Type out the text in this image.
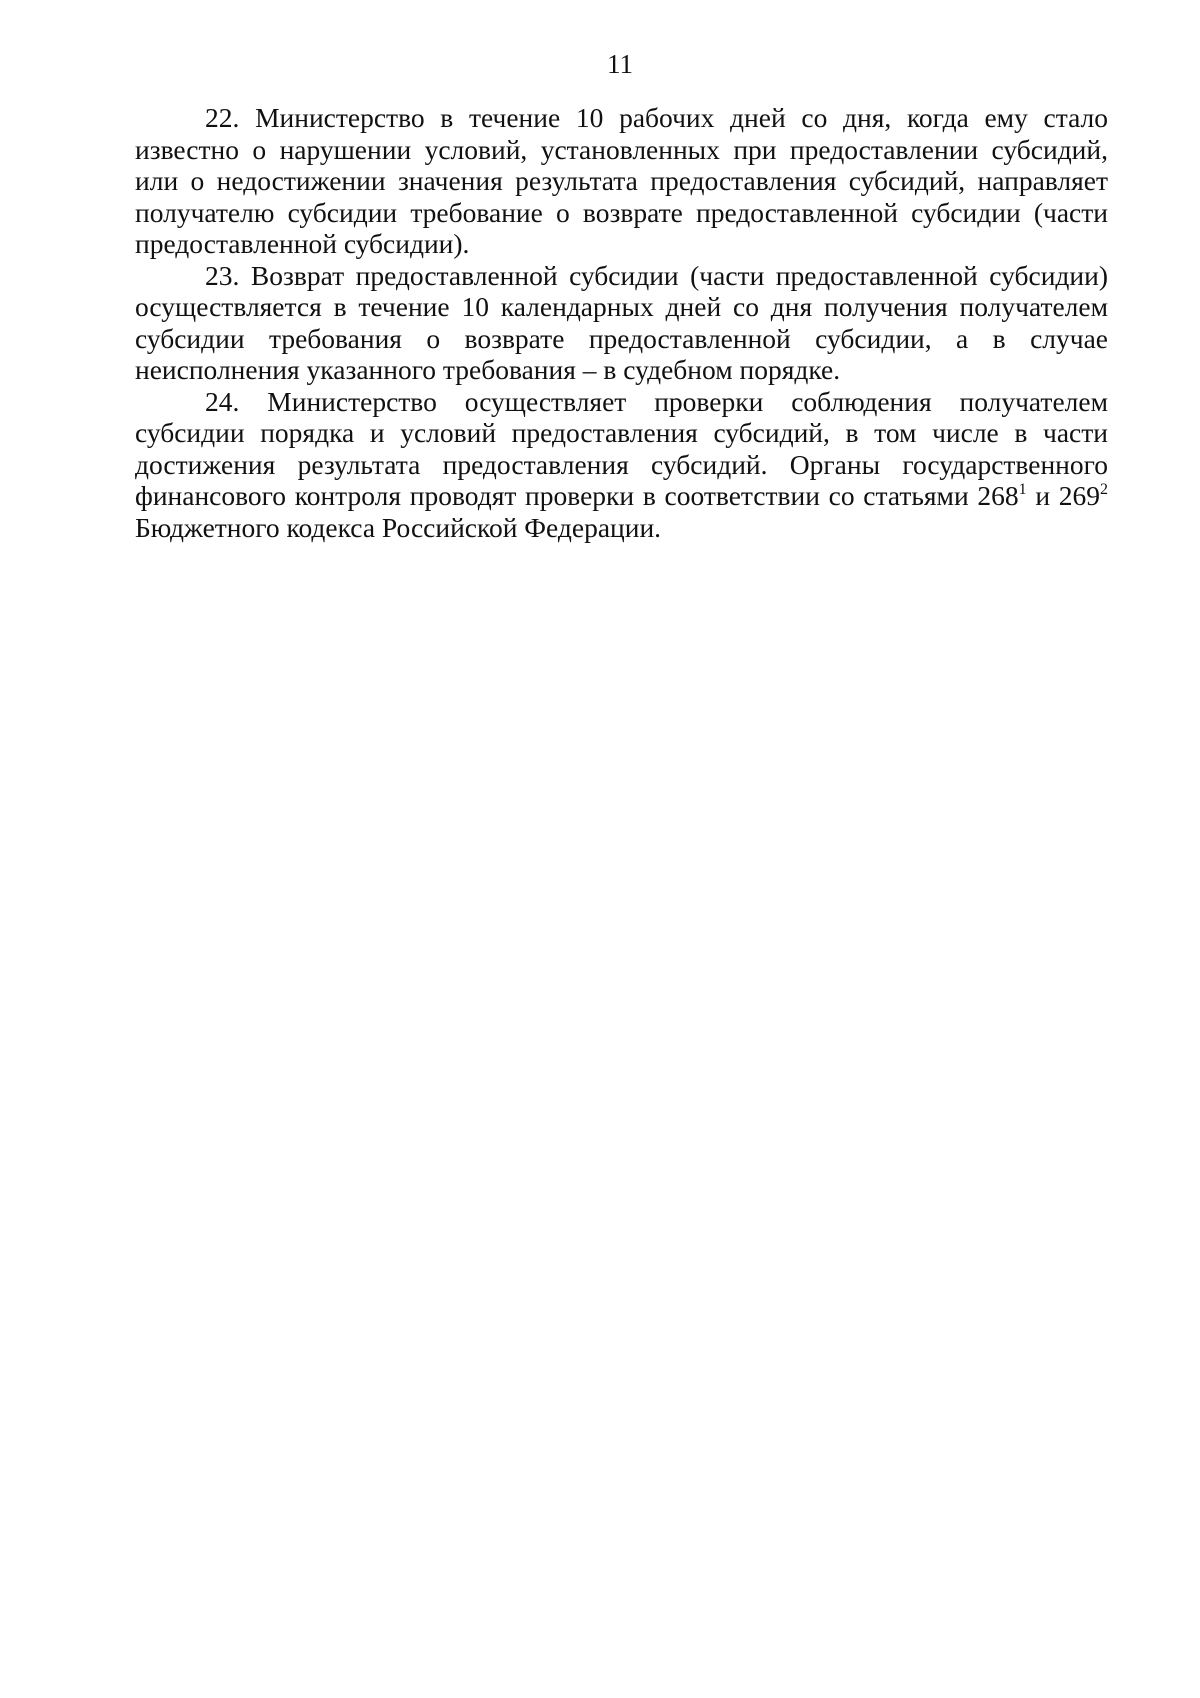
11

22. Министерство в течение 10 рабочих дней со дня, когда ему стало известно о нарушении условий, установленных при предоставлении субсидий, или о недостижении значения результата предоставления субсидий, направляет получателю субсидии требование о возврате предоставленной субсидии (части предоставленной субсидии).

23. Возврат предоставленной субсидии (части предоставленной субсидии) осуществляется в течение 10 календарных дней со дня получения получателем субсидии требования о возврате предоставленной субсидии, а в случае неисполнения указанного требования – в судебном порядке.

24. Министерство осуществляет проверки соблюдения получателем субсидии порядка и условий предоставления субсидий, в том числе в части достижения результата предоставления субсидий. Органы государственного финансового контроля проводят проверки в соответствии со статьями $268^1$ и $269^2$ Бюджетного кодекса Российской Федерации.
